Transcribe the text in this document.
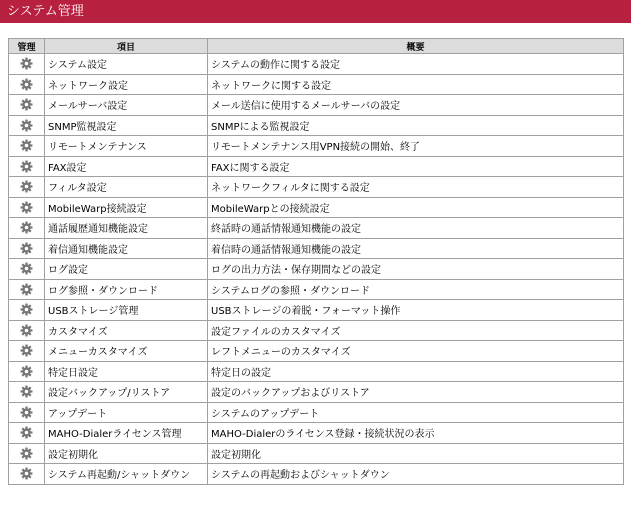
システム管理
管理	項目	概要
	システム設定	システムの動作に関する設定
	ネットワーク設定	ネットワークに関する設定
	メールサーバ設定	メール送信に使用するメールサーバの設定
	SNMP監視設定	SNMPによる監視設定
	リモートメンテナンス	リモートメンテナンス用VPN接続の開始、終了
	FAX設定	FAXに関する設定
	フィルタ設定	ネットワークフィルタに関する設定
	MobileWarp接続設定	MobileWarpとの接続設定
	通話履歴通知機能設定	終話時の通話情報通知機能の設定
	着信通知機能設定	着信時の通話情報通知機能の設定
	ログ設定	ログの出力方法・保存期間などの設定
	ログ参照・ダウンロード	システムログの参照・ダウンロード
	USBストレージ管理	USBストレージの着脱・フォーマット操作
	カスタマイズ	設定ファイルのカスタマイズ
	メニューカスタマイズ	レフトメニューのカスタマイズ
	特定日設定	特定日の設定
	設定バックアップ/リストア	設定のバックアップおよびリストア
	アップデート	システムのアップデート
	MAHO-Dialerライセンス管理	MAHO-Dialerのライセンス登録・接続状況の表示
	設定初期化	設定初期化
	システム再起動/シャットダウン	システムの再起動およびシャットダウン
